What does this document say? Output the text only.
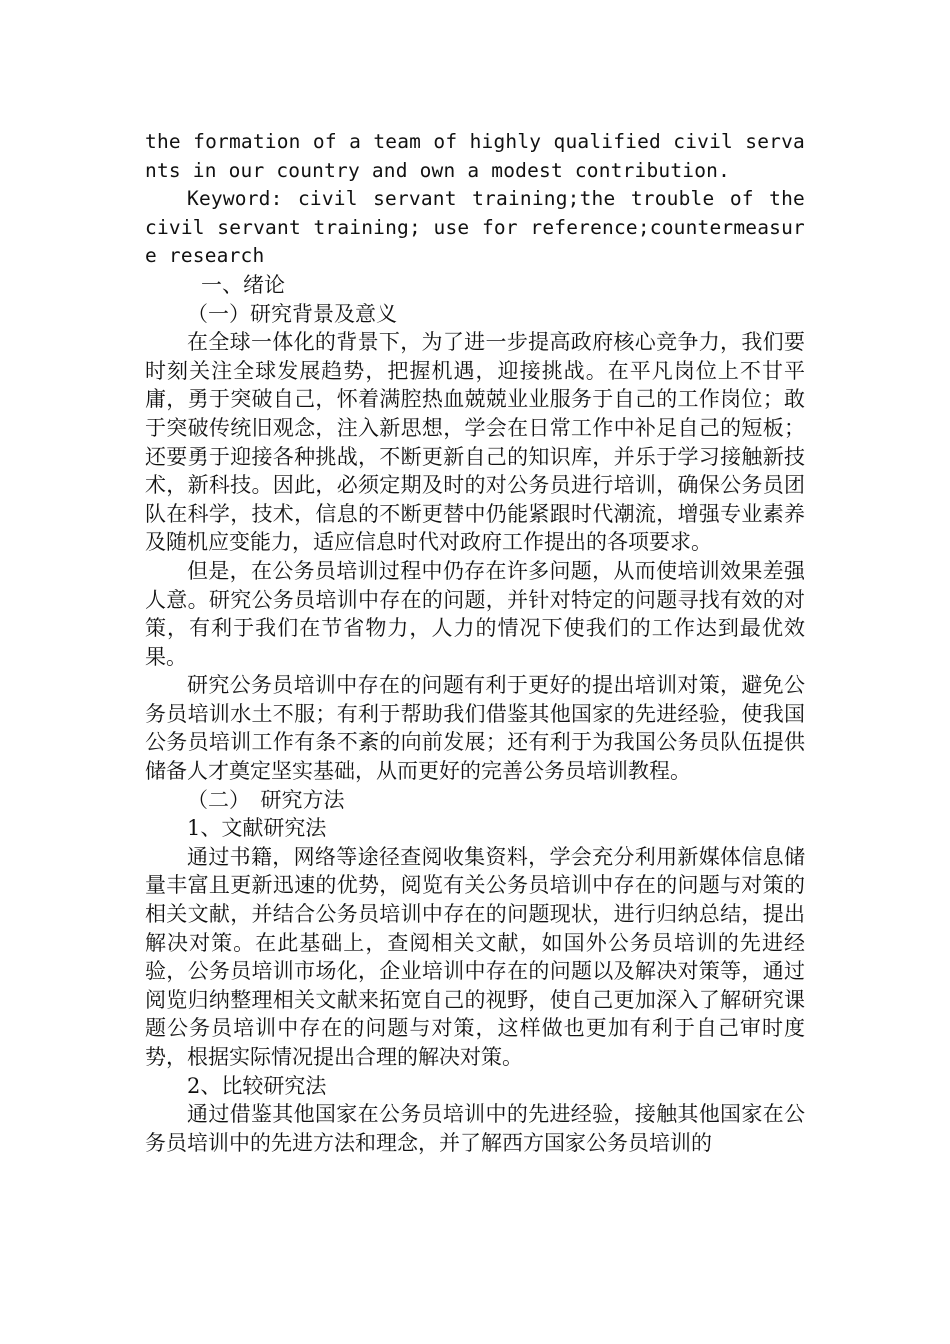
the formation of a team of highly qualified civil servants in our country and own a modest contribution.

Keyword: civil servant training;the trouble of the civil servant training; use for reference;countermeasure research

一、绪论

（一）研究背景及意义

在全球一体化的背景下，为了进一步提高政府核心竞争力，我们要时刻关注全球发展趋势，把握机遇，迎接挑战。在平凡岗位上不甘平庸，勇于突破自己，怀着满腔热血兢兢业业服务于自己的工作岗位；敢于突破传统旧观念，注入新思想，学会在日常工作中补足自己的短板；还要勇于迎接各种挑战，不断更新自己的知识库，并乐于学习接触新技术，新科技。因此，必须定期及时的对公务员进行培训，确保公务员团队在科学，技术，信息的不断更替中仍能紧跟时代潮流，增强专业素养及随机应变能力，适应信息时代对政府工作提出的各项要求。

但是，在公务员培训过程中仍存在许多问题，从而使培训效果差强人意。研究公务员培训中存在的问题，并针对特定的问题寻找有效的对策，有利于我们在节省物力，人力的情况下使我们的工作达到最优效果。

研究公务员培训中存在的问题有利于更好的提出培训对策，避免公务员培训水土不服；有利于帮助我们借鉴其他国家的先进经验，使我国公务员培训工作有条不紊的向前发展；还有利于为我国公务员队伍提供储备人才奠定坚实基础，从而更好的完善公务员培训教程。

（二）　研究方法

1、文献研究法

通过书籍，网络等途径查阅收集资料，学会充分利用新媒体信息储量丰富且更新迅速的优势，阅览有关公务员培训中存在的问题与对策的相关文献，并结合公务员培训中存在的问题现状，进行归纳总结，提出解决对策。在此基础上，查阅相关文献，如国外公务员培训的先进经验，公务员培训市场化，企业培训中存在的问题以及解决对策等，通过阅览归纳整理相关文献来拓宽自己的视野，使自己更加深入了解研究课题公务员培训中存在的问题与对策，这样做也更加有利于自己审时度势，根据实际情况提出合理的解决对策。

2、比较研究法

通过借鉴其他国家在公务员培训中的先进经验，接触其他国家在公务员培训中的先进方法和理念，并了解西方国家公务员培训的
